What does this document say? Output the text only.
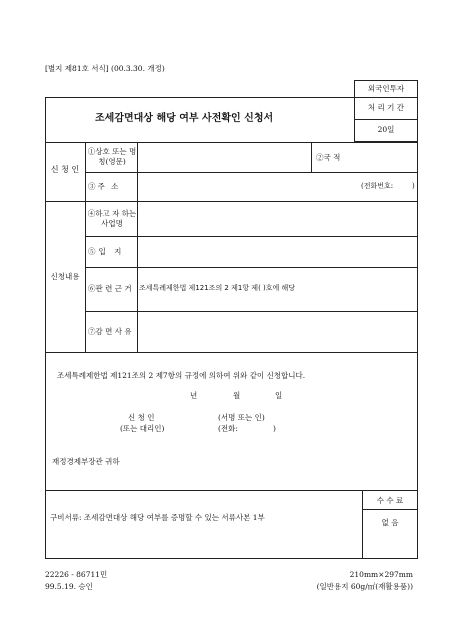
[별지 제81호 서식] (00.3.30. 개정)
외국인투자
처 리 기 간
20일
조세감면대상 해당 여부 사전확인 신청서
신 청 인
①상호 또는 명칭(영문)	②국 적
③주 소	(전화번호:	)
신청내용
④하고 자 하는 사업명
⑤입 지
⑥판 련 근 거 조세특례제한법 제121조의 2 제1항 제( )호에 해당
⑦감 면 사 유
조세특례제한법 제121조의 2 제7항의 규정에 의하여 위와 같이 신청합니다.
년	월	일
신 청 인	(서명 또는 인)
(또는 대리인)	(전화:	)
재정경제부장관 귀하
구비서류: 조세감면대상 해당 여부를 증명할 수 있는 서류사본 1부
수 수 료
없 음
22226 - 86711민
99.5.19. 승인
210mm×297mm
(일반용지 60g/㎡(재활용품))
